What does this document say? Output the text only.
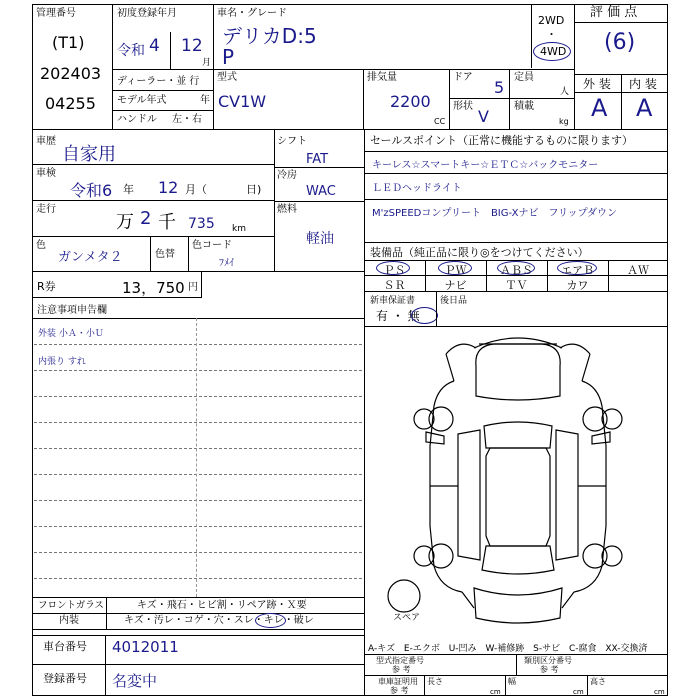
管理番号
(T1)
202403
04255
初度登録年月
令和 4 12
月
車名・グレード
デリカD:5
P
2WD
・
4WD
評 価 点
(6)
外 装 内 装
A A
ディーラー・並 行
モデル年式	年
ハンドル 左・右
型式
CV1W
排気量
2200
CC
ドア
5
形状
V
定員
人
積載
kg
車歴
自家用
車検
令和6 年 12 月（	日)
走行
万 2 千 735 km
色
ガンメタ２	色替
色コード
ﾌﾒｲ
シフト
FAT
冷房
WAC
燃料
軽油
R券	13，750 円
セールスポイント（正常に機能するものに限ります）
キーレス☆スマートキー☆ＥＴＣ☆バックモニター
ＬＥＤヘッドライト
M'zSPEEDコンプリート　BIG-Xナビ　フリップダウン
装備品（純正品に限り◎をつけてください）
ＰＳ	ＰＷ	ＡＢＳ	エアＢ	ＡＷ
ＳＲ	ナビ	ＴＶ	カワ
新車保証書
有 ・ 無
後日品
注意事項申告欄
外装 小Ａ・小Ｕ
内張り すれ
フロントガラス	キズ・飛石・ヒビ割・リペア跡・Ｘ要
内装	キズ・汚レ・コゲ・穴・スレ・キレ・破レ
車台番号 4012011
登録番号 名変中
A-キズ E-エクボ U-凹み W-補修跡 S-サビ C-腐食 XX-交換済
型式指定番号
参 考
類別区分番号
参 考
車庫証明用
参 考
長さ
cm
幅
cm
高さ
cm
スペア
